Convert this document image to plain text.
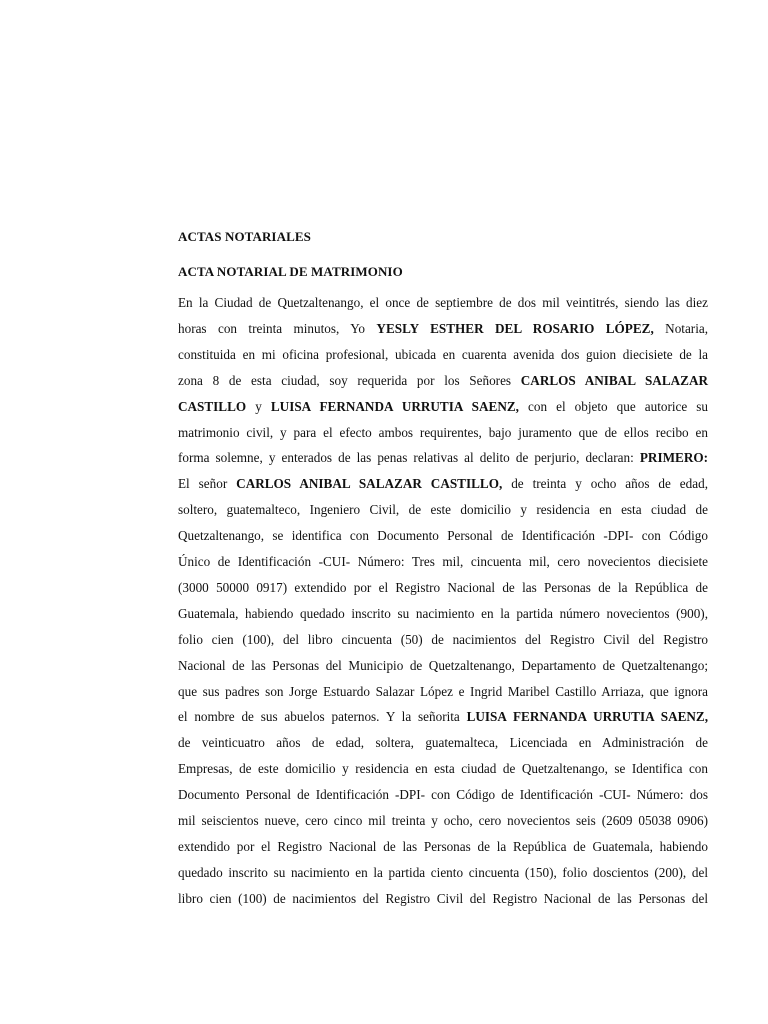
ACTAS NOTARIALES
ACTA NOTARIAL DE MATRIMONIO
En la Ciudad de Quetzaltenango, el once de septiembre de dos mil veintitrés, siendo las diez
horas con treinta minutos, Yo YESLY ESTHER DEL ROSARIO LÓPEZ, Notaria,
constituida en mi oficina profesional, ubicada en cuarenta avenida dos guion diecisiete de la
zona 8 de esta ciudad, soy requerida por los Señores CARLOS ANIBAL SALAZAR
CASTILLO y LUISA FERNANDA URRUTIA SAENZ, con el objeto que autorice su
matrimonio civil, y para el efecto ambos requirentes, bajo juramento que de ellos recibo en
forma solemne, y enterados de las penas relativas al delito de perjurio, declaran: PRIMERO:
El señor CARLOS ANIBAL SALAZAR CASTILLO, de treinta y ocho años de edad,
soltero, guatemalteco, Ingeniero Civil, de este domicilio y residencia en esta ciudad de
Quetzaltenango, se identifica con Documento Personal de Identificación -DPI- con Código
Único de Identificación -CUI- Número: Tres mil, cincuenta mil, cero novecientos diecisiete
(3000 50000 0917) extendido por el Registro Nacional de las Personas de la República de
Guatemala, habiendo quedado inscrito su nacimiento en la partida número novecientos (900),
folio cien (100), del libro cincuenta (50) de nacimientos del Registro Civil del Registro
Nacional de las Personas del Municipio de Quetzaltenango, Departamento de Quetzaltenango;
que sus padres son Jorge Estuardo Salazar López e Ingrid Maribel Castillo Arriaza, que ignora
el nombre de sus abuelos paternos. Y la señorita LUISA FERNANDA URRUTIA SAENZ,
de veinticuatro años de edad, soltera, guatemalteca, Licenciada en Administración de
Empresas, de este domicilio y residencia en esta ciudad de Quetzaltenango, se Identifica con
Documento Personal de Identificación -DPI- con Código de Identificación -CUI- Número: dos
mil seiscientos nueve, cero cinco mil treinta y ocho, cero novecientos seis (2609 05038 0906)
extendido por el Registro Nacional de las Personas de la República de Guatemala, habiendo
quedado inscrito su nacimiento en la partida ciento cincuenta (150), folio doscientos (200), del
libro cien (100) de nacimientos del Registro Civil del Registro Nacional de las Personas del
